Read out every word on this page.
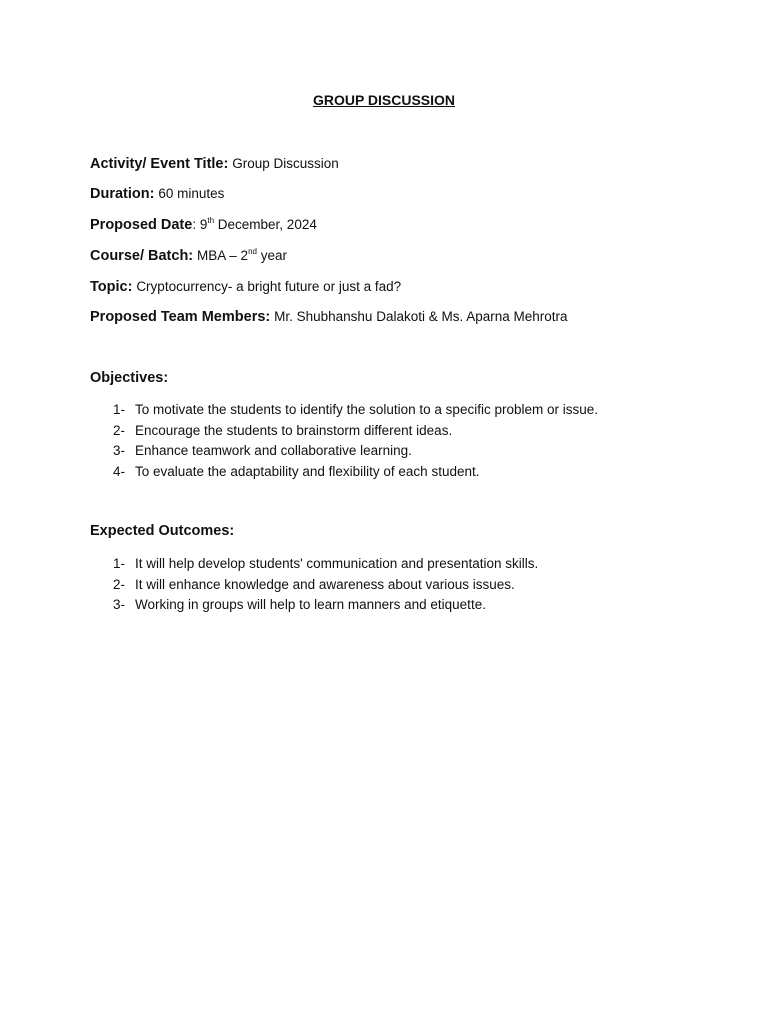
GROUP DISCUSSION
Activity/ Event Title: Group Discussion
Duration: 60 minutes
Proposed Date: 9th December, 2024
Course/ Batch: MBA – 2nd year
Topic: Cryptocurrency- a bright future or just a fad?
Proposed Team Members: Mr. Shubhanshu Dalakoti & Ms. Aparna Mehrotra
Objectives:
1- To motivate the students to identify the solution to a specific problem or issue.
2- Encourage the students to brainstorm different ideas.
3- Enhance teamwork and collaborative learning.
4- To evaluate the adaptability and flexibility of each student.
Expected Outcomes:
1- It will help develop students' communication and presentation skills.
2- It will enhance knowledge and awareness about various issues.
3- Working in groups will help to learn manners and etiquette.
